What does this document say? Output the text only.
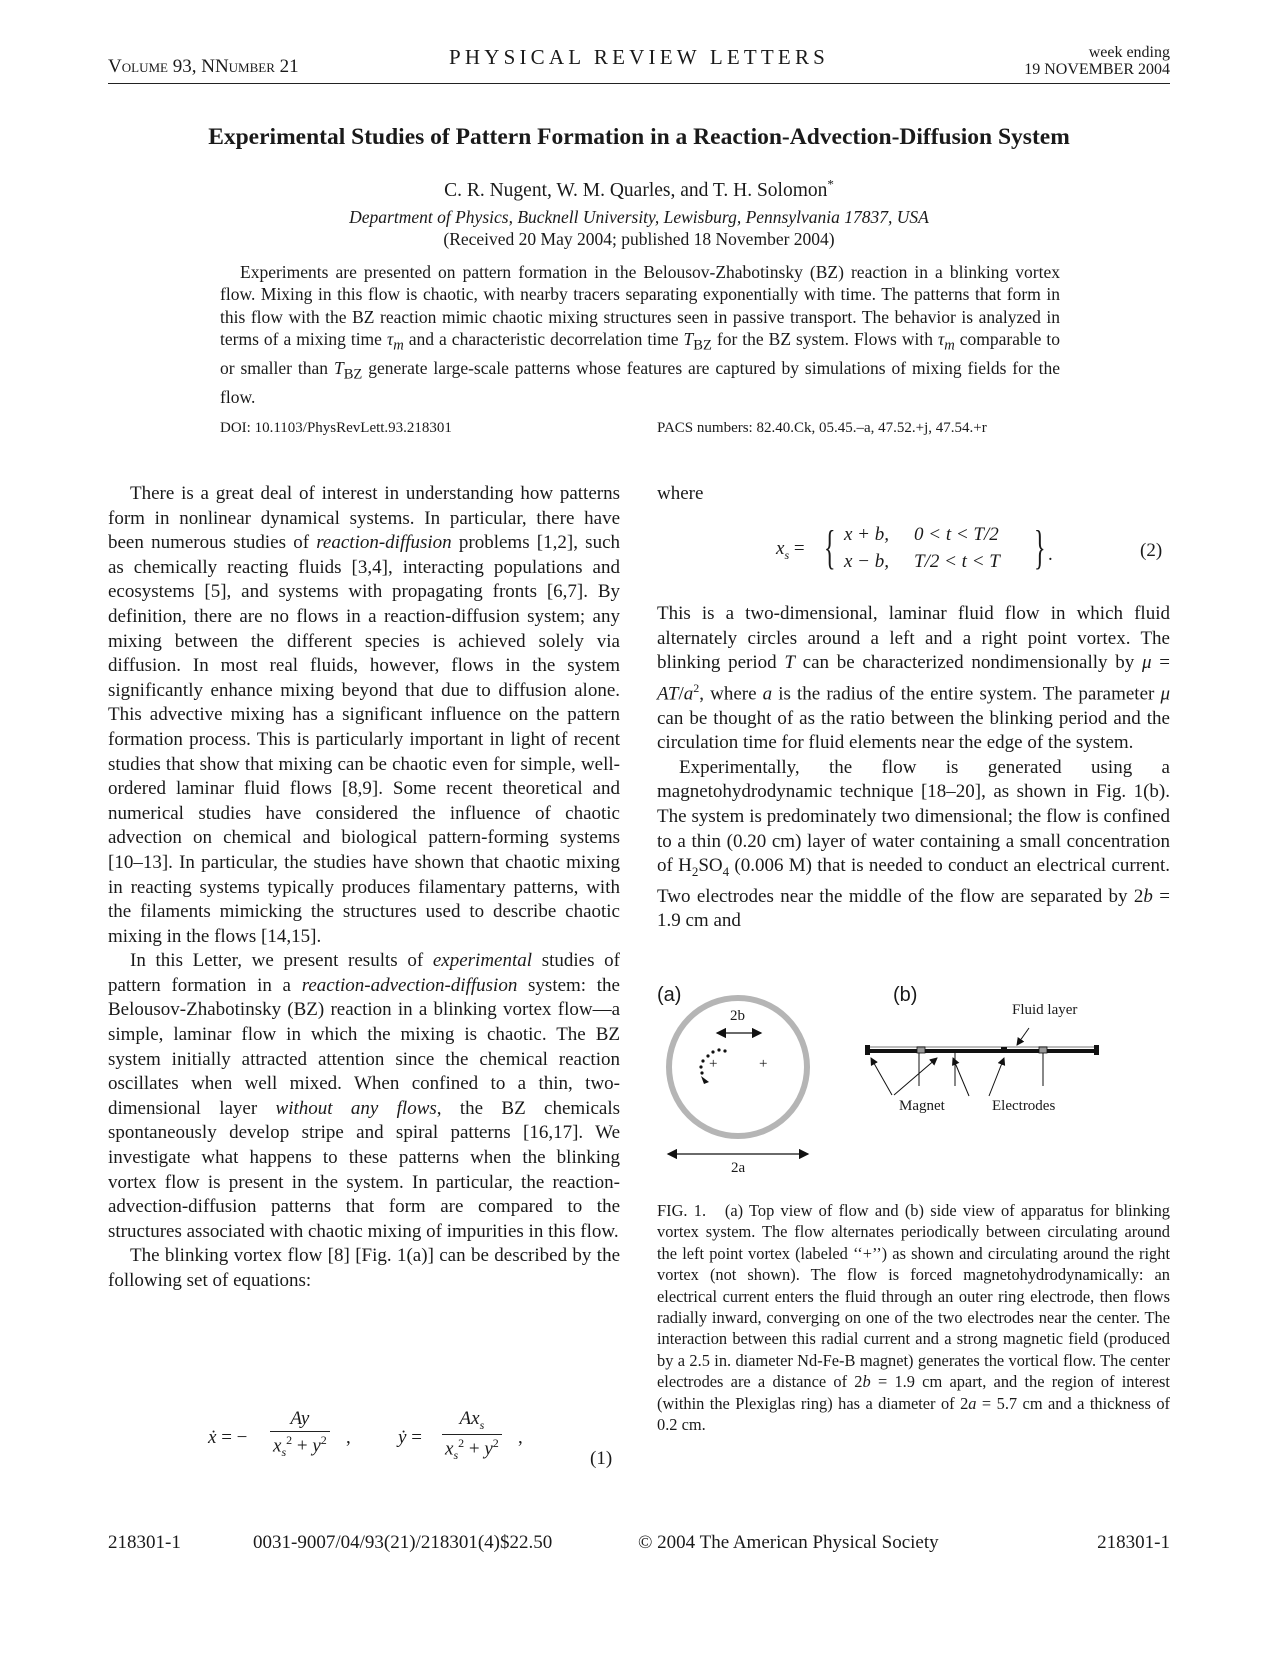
Volume 93, NNumber 21	PHYSICAL REVIEW LETTERS	week ending
19 NOVEMBER 2004
Experimental Studies of Pattern Formation in a Reaction-Advection-Diffusion System
C. R. Nugent, W. M. Quarles, and T. H. Solomon*
Department of Physics, Bucknell University, Lewisburg, Pennsylvania 17837, USA
(Received 20 May 2004; published 18 November 2004)
Experiments are presented on pattern formation in the Belousov-Zhabotinsky (BZ) reaction in a blinking vortex flow. Mixing in this flow is chaotic, with nearby tracers separating exponentially with time. The patterns that form in this flow with the BZ reaction mimic chaotic mixing structures seen in passive transport. The behavior is analyzed in terms of a mixing time $\tau_m$ and a characteristic decorrelation time $T_{BZ}$ for the BZ system. Flows with $\tau_m$ comparable to or smaller than $T_{BZ}$ generate large-scale patterns whose features are captured by simulations of mixing fields for the flow.
DOI: 10.1103/PhysRevLett.93.218301	PACS numbers: 82.40.Ck, 05.45.–a, 47.52.+j, 47.54.+r

There is a great deal of interest in understanding how patterns form in nonlinear dynamical systems. In particular, there have been numerous studies of reaction-diffusion problems [1,2], such as chemically reacting fluids [3,4], interacting populations and ecosystems [5], and systems with propagating fronts [6,7]. By definition, there are no flows in a reaction-diffusion system; any mixing between the different species is achieved solely via diffusion. In most real fluids, however, flows in the system significantly enhance mixing beyond that due to diffusion alone. This advective mixing has a significant influence on the pattern formation process. This is particularly important in light of recent studies that show that mixing can be chaotic even for simple, well-ordered laminar fluid flows [8,9]. Some recent theoretical and numerical studies have considered the influence of chaotic advection on chemical and biological pattern-forming systems [10–13]. In particular, the studies have shown that chaotic mixing in reacting systems typically produces filamentary patterns, with the filaments mimicking the structures used to describe chaotic mixing in the flows [14,15].

In this Letter, we present results of experimental studies of pattern formation in a reaction-advection-diffusion system: the Belousov-Zhabotinsky (BZ) reaction in a blinking vortex flow—a simple, laminar flow in which the mixing is chaotic. The BZ system initially attracted attention since the chemical reaction oscillates when well mixed. When confined to a thin, two-dimensional layer without any flows, the BZ chemicals spontaneously develop stripe and spiral patterns [16,17]. We investigate what happens to these patterns when the blinking vortex flow is present in the system. In particular, the reaction-advection-diffusion patterns that form are compared to the structures associated with chaotic mixing of impurities in this flow.

The blinking vortex flow [8] [Fig. 1(a)] can be described by the following set of equations:

ẋ = − $\frac{Ay}{x_s^2 + y^2}$ , ẏ =
$Ax_s$
$x_s^2 + y^2$ ,
(1)

where

$x_s$ = { x + b, 0 < t < T/2
x − b, T/2 < t < T } .	(2)

This is a two-dimensional, laminar fluid flow in which fluid alternately circles around a left and a right point vortex. The blinking period T can be characterized nondimensionally by $\mu = AT/a^2$, where a is the radius of the entire system. The parameter μ can be thought of as the ratio between the blinking period and the circulation time for fluid elements near the edge of the system.

Experimentally, the flow is generated using a magnetohydrodynamic technique [18–20], as shown in Fig. 1(b). The system is predominately two dimensional; the flow is confined to a thin (0.20 cm) layer of water containing a small concentration of $H_2SO_4$ (0.006 M) that is needed to conduct an electrical current. Two electrodes near the middle of the flow are separated by 2b = 1.9 cm and

(a)	(b)
2b
+	+
2a
Fluid layer
Magnet	Electrodes
FIG. 1. (a) Top view of flow and (b) side view of apparatus for blinking vortex system. The flow alternates periodically between circulating around the left point vortex (labeled ‘‘+’’) as shown and circulating around the right vortex (not shown). The flow is forced magnetohydrodynamically: an electrical current enters the fluid through an outer ring electrode, then flows radially inward, converging on one of the two electrodes near the center. The interaction between this radial current and a strong magnetic field (produced by a 2.5 in. diameter Nd-Fe-B magnet) generates the vortical flow. The center electrodes are a distance of 2b = 1.9 cm apart, and the region of interest (within the Plexiglas ring) has a diameter of 2a = 5.7 cm and a thickness of 0.2 cm.
218301-1	0031-9007/04/93(21)/218301(4)$22.50	© 2004 The American Physical Society	218301-1
